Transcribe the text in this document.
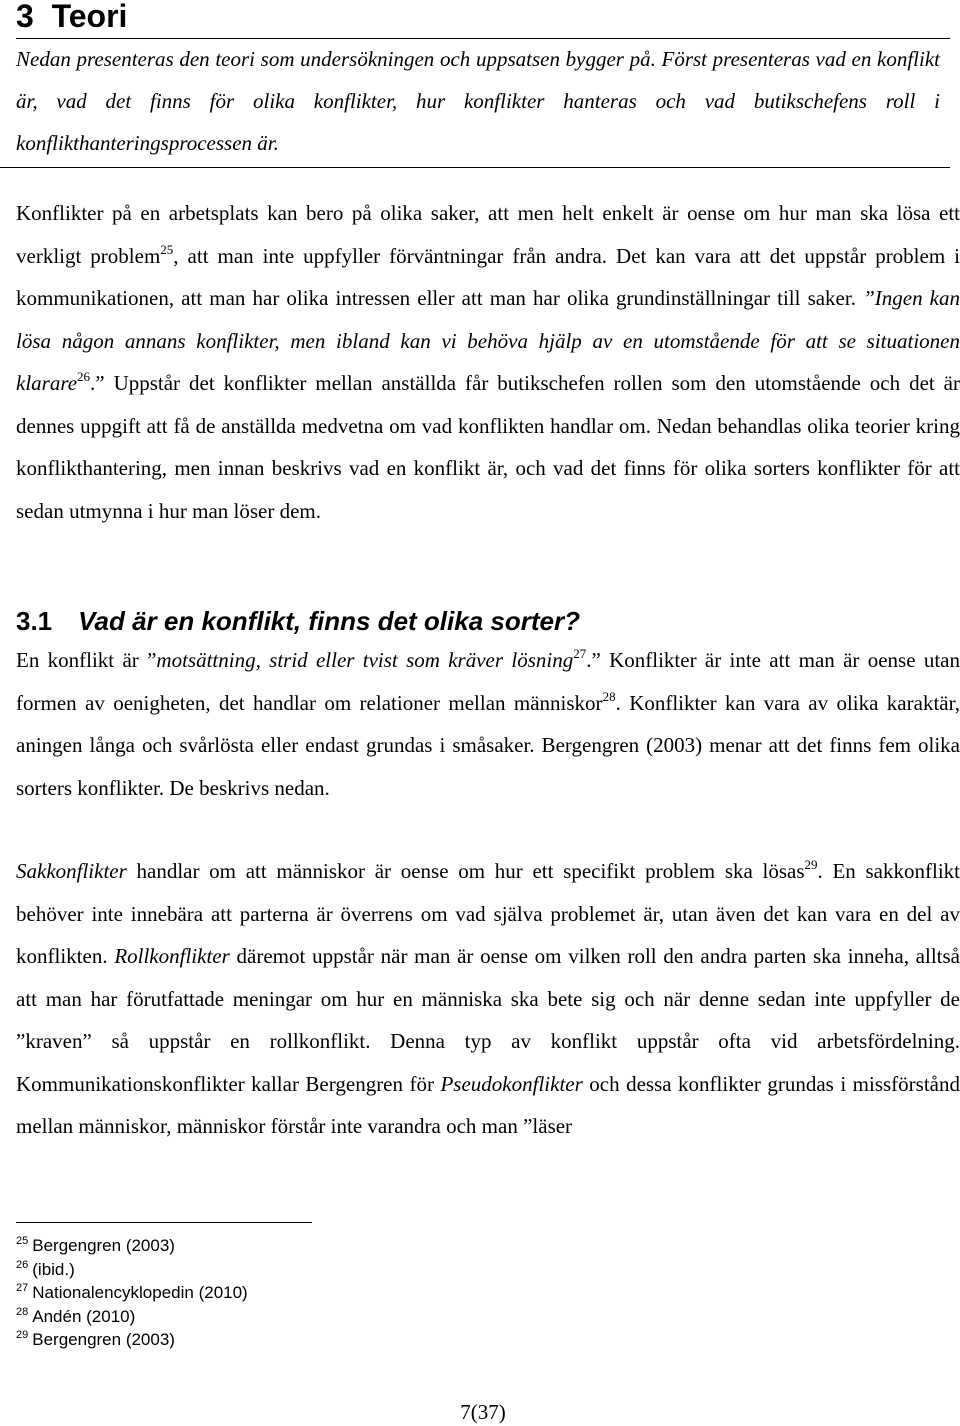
3 Teori

Nedan presenteras den teori som undersökningen och uppsatsen bygger på. Först presenteras vad en konflikt är, vad det finns för olika konflikter, hur konflikter hanteras och vad butikschefens roll i konflikthanteringsprocessen är.

Konflikter på en arbetsplats kan bero på olika saker, att men helt enkelt är oense om hur man ska lösa ett verkligt problem$^{25}$, att man inte uppfyller förväntningar från andra. Det kan vara att det uppstår problem i kommunikationen, att man har olika intressen eller att man har olika grundinställningar till saker. ”Ingen kan lösa någon annans konflikter, men ibland kan vi behöva hjälp av en utomstående för att se situationen klarare$^{26}$.” Uppstår det konflikter mellan anställda får butikschefen rollen som den utomstående och det är dennes uppgift att få de anställda medvetna om vad konflikten handlar om. Nedan behandlas olika teorier kring konflikthantering, men innan beskrivs vad en konflikt är, och vad det finns för olika sorters konflikter för att sedan utmynna i hur man löser dem.

3.1 Vad är en konflikt, finns det olika sorter?

En konflikt är ”motsättning, strid eller tvist som kräver lösning$^{27}$.” Konflikter är inte att man är oense utan formen av oenigheten, det handlar om relationer mellan människor$^{28}$. Konflikter kan vara av olika karaktär, aningen långa och svårlösta eller endast grundas i småsaker. Bergengren (2003) menar att det finns fem olika sorters konflikter. De beskrivs nedan.

Sakkonflikter handlar om att människor är oense om hur ett specifikt problem ska lösas$^{29}$. En sakkonflikt behöver inte innebära att parterna är överrens om vad själva problemet är, utan även det kan vara en del av konflikten. Rollkonflikter däremot uppstår när man är oense om vilken roll den andra parten ska inneha, alltså att man har förutfattade meningar om hur en människa ska bete sig och när denne sedan inte uppfyller de ”kraven” så uppstår en rollkonflikt. Denna typ av konflikt uppstår ofta vid arbetsfördelning. Kommunikationskonflikter kallar Bergengren för Pseudokonflikter och dessa konflikter grundas i missförstånd mellan människor, människor förstår inte varandra och man ”läser

$^{25}$ Bergengren (2003)
$^{26}$ (ibid.)
$^{27}$ Nationalencyklopedin (2010)
$^{28}$ Andén (2010)
$^{29}$ Bergengren (2003)

7(37)
